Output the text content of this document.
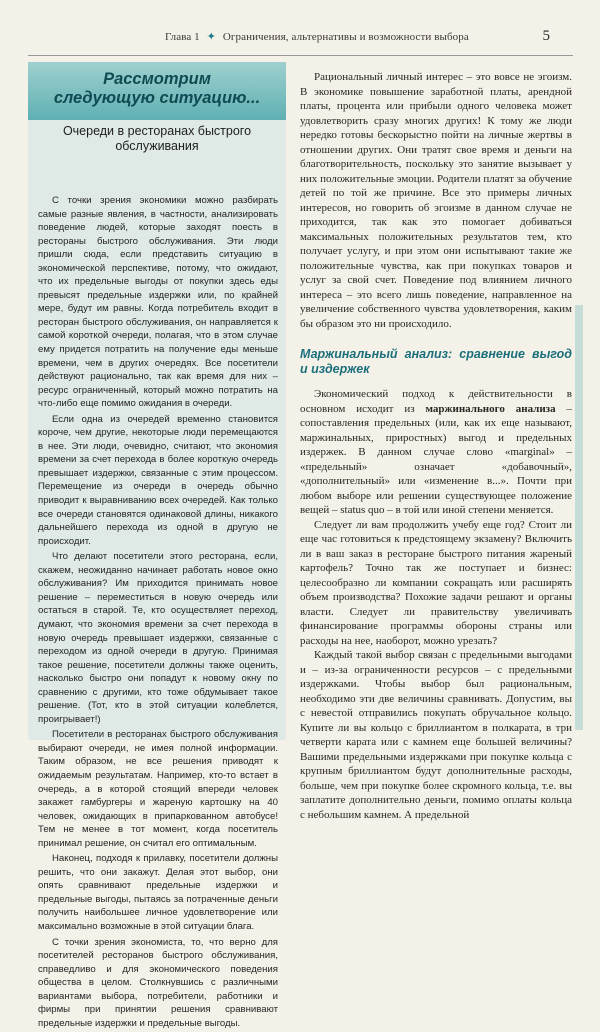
Глава 1 ✦ Ограничения, альтернативы и возможности выбора	5
Рассмотрим
следующую ситуацию...
Очереди в ресторанах быстрого обслуживания

С точки зрения экономики можно разбирать самые разные явления, в частности, анализировать поведение людей, которые заходят поесть в рестораны быстрого обслуживания. Эти люди пришли сюда, если представить ситуацию в экономической перспективе, потому, что ожидают, что их предельные выгоды от покупки здесь еды превысят предельные издержки или, по крайней мере, будут им равны. Когда потребитель входит в ресторан быстрого обслуживания, он направляется к самой короткой очереди, полагая, что в этом случае ему придется потратить на получение еды меньше времени, чем в других очередях. Все посетители действуют рационально, так как время для них – ресурс ограниченный, который можно потратить на что-либо еще помимо ожидания в очереди.

Если одна из очередей временно становится короче, чем другие, некоторые люди перемещаются в нее. Эти люди, очевидно, считают, что экономия времени за счет перехода в более короткую очередь превышает издержки, связанные с этим процессом. Перемещение из очереди в очередь обычно приводит к выравниванию всех очередей. Как только все очереди становятся одинаковой длины, никакого дальнейшего перехода из одной в другую не происходит.

Что делают посетители этого ресторана, если, скажем, неожиданно начинает работать новое окно обслуживания? Им приходится принимать новое решение – переместиться в новую очередь или остаться в старой. Те, кто осуществляет переход, думают, что экономия времени за счет перехода в новую очередь превышает издержки, связанные с переходом из одной очереди в другую. Принимая такое решение, посетители должны также оценить, насколько быстро они попадут к новому окну по сравнению с другими, кто тоже обдумывает такое решение. (Тот, кто в этой ситуации колеблется, проигрывает!)

Посетители в ресторанах быстрого обслуживания выбирают очереди, не имея полной информации. Таким образом, не все решения приводят к ожидаемым результатам. Например, кто-то встает в очередь, а в которой стоящий впереди человек закажет гамбургеры и жареную картошку на 40 человек, ожидающих в припаркованном автобусе! Тем не менее в тот момент, когда посетитель принимал решение, он считал его оптимальным.

Наконец, подходя к прилавку, посетители должны решить, что они закажут. Делая этот выбор, они опять сравнивают предельные издержки и предельные выгоды, пытаясь за потраченные деньги получить наибольшее личное удовлетворение или максимально возможные в этой ситуации блага.

С точки зрения экономиста, то, что верно для посетителей ресторанов быстрого обслуживания, справедливо и для экономического поведения общества в целом. Столкнувшись с различными вариантами выбора, потребители, работники и фирмы при принятии решения сравнивают предельные издержки и предельные выгоды.

Рациональный личный интерес – это вовсе не эгоизм. В экономике повышение заработной платы, арендной платы, процента или прибыли одного человека может удовлетворить сразу многих других! К тому же люди нередко готовы бескорыстно пойти на личные жертвы в отношении других. Они тратят свое время и деньги на благотворительность, поскольку это занятие вызывает у них положительные эмоции. Родители платят за обучение детей по той же причине. Все это примеры личных интересов, но говорить об эгоизме в данном случае не приходится, так как это помогает добиваться максимальных положительных результатов тем, кто получает услугу, и при этом они испытывают такие же положительные чувства, как при покупках товаров и услуг за свой счет. Поведение под влиянием личного интереса – это всего лишь поведение, направленное на увеличение собственного чувства удовлетворения, каким бы образом это ни происходило.

Маржинальный анализ: сравнение выгод и издержек

Экономический подход к действительности в основном исходит из маржинального анализа – сопоставления предельных (или, как их еще называют, маржинальных, приростных) выгод и предельных издержек. В данном случае слово «marginal» – «предельный» означает «добавочный», «дополнительный» или «изменение в...». Почти при любом выборе или решении существующее положение вещей – status quo – в той или иной степени меняется.

Следует ли вам продолжить учебу еще год? Стоит ли еще час готовиться к предстоящему экзамену? Включить ли в ваш заказ в ресторане быстрого питания жареный картофель? Точно так же поступает и бизнес: целесообразно ли компании сокращать или расширять объем производства? Похожие задачи решают и органы власти. Следует ли правительству увеличивать финансирование программы обороны страны или расходы на нее, наоборот, можно урезать?

Каждый такой выбор связан с предельными выгодами и – из-за ограниченности ресурсов – с предельными издержками. Чтобы выбор был рациональным, необходимо эти две величины сравнивать. Допустим, вы с невестой отправились покупать обручальное кольцо. Купите ли вы кольцо с бриллиантом в полкарата, в три четверти карата или с камнем еще большей величины? Вашими предельными издержками при покупке кольца с крупным бриллиантом будут дополнительные расходы, больше, чем при покупке более скромного кольца, т.е. вы заплатите дополнительно деньги, помимо оплаты кольца с небольшим камнем. А предельной
